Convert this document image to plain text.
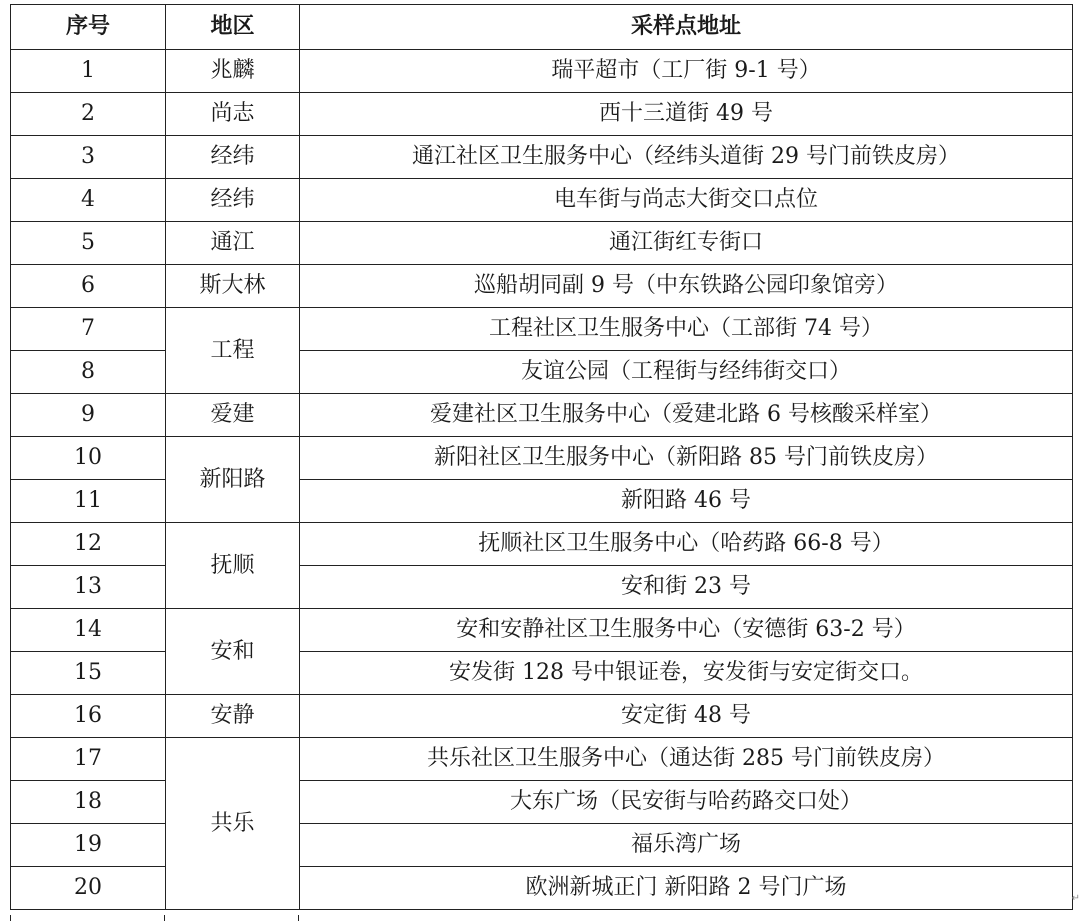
序号	地区	采样点地址
1	兆麟	瑞平超市（工厂街 9-1 号）
2	尚志	西十三道街 49 号
3	经纬	通江社区卫生服务中心（经纬头道街 29 号门前铁皮房）
4	经纬	电车街与尚志大街交口点位
5	通江	通江街红专街口
6	斯大林	巡船胡同副 9 号（中东铁路公园印象馆旁）
7	工程	工程社区卫生服务中心（工部街 74 号）
8		友谊公园（工程街与经纬街交口）
9	爱建	爱建社区卫生服务中心（爱建北路 6 号核酸采样室）
10	新阳路	新阳社区卫生服务中心（新阳路 85 号门前铁皮房）
11		新阳路 46 号
12	抚顺	抚顺社区卫生服务中心（哈药路 66-8 号）
13		安和街 23 号
14	安和	安和安静社区卫生服务中心（安德街 63-2 号）
15		安发街 128 号中银证卷，安发街与安定街交口。
16	安静	安定街 48 号
17	共乐	共乐社区卫生服务中心（通达街 285 号门前铁皮房）
18		大东广场（民安街与哈药路交口处）
19		福乐湾广场
20		欧洲新城正门 新阳路 2 号门广场	↵
